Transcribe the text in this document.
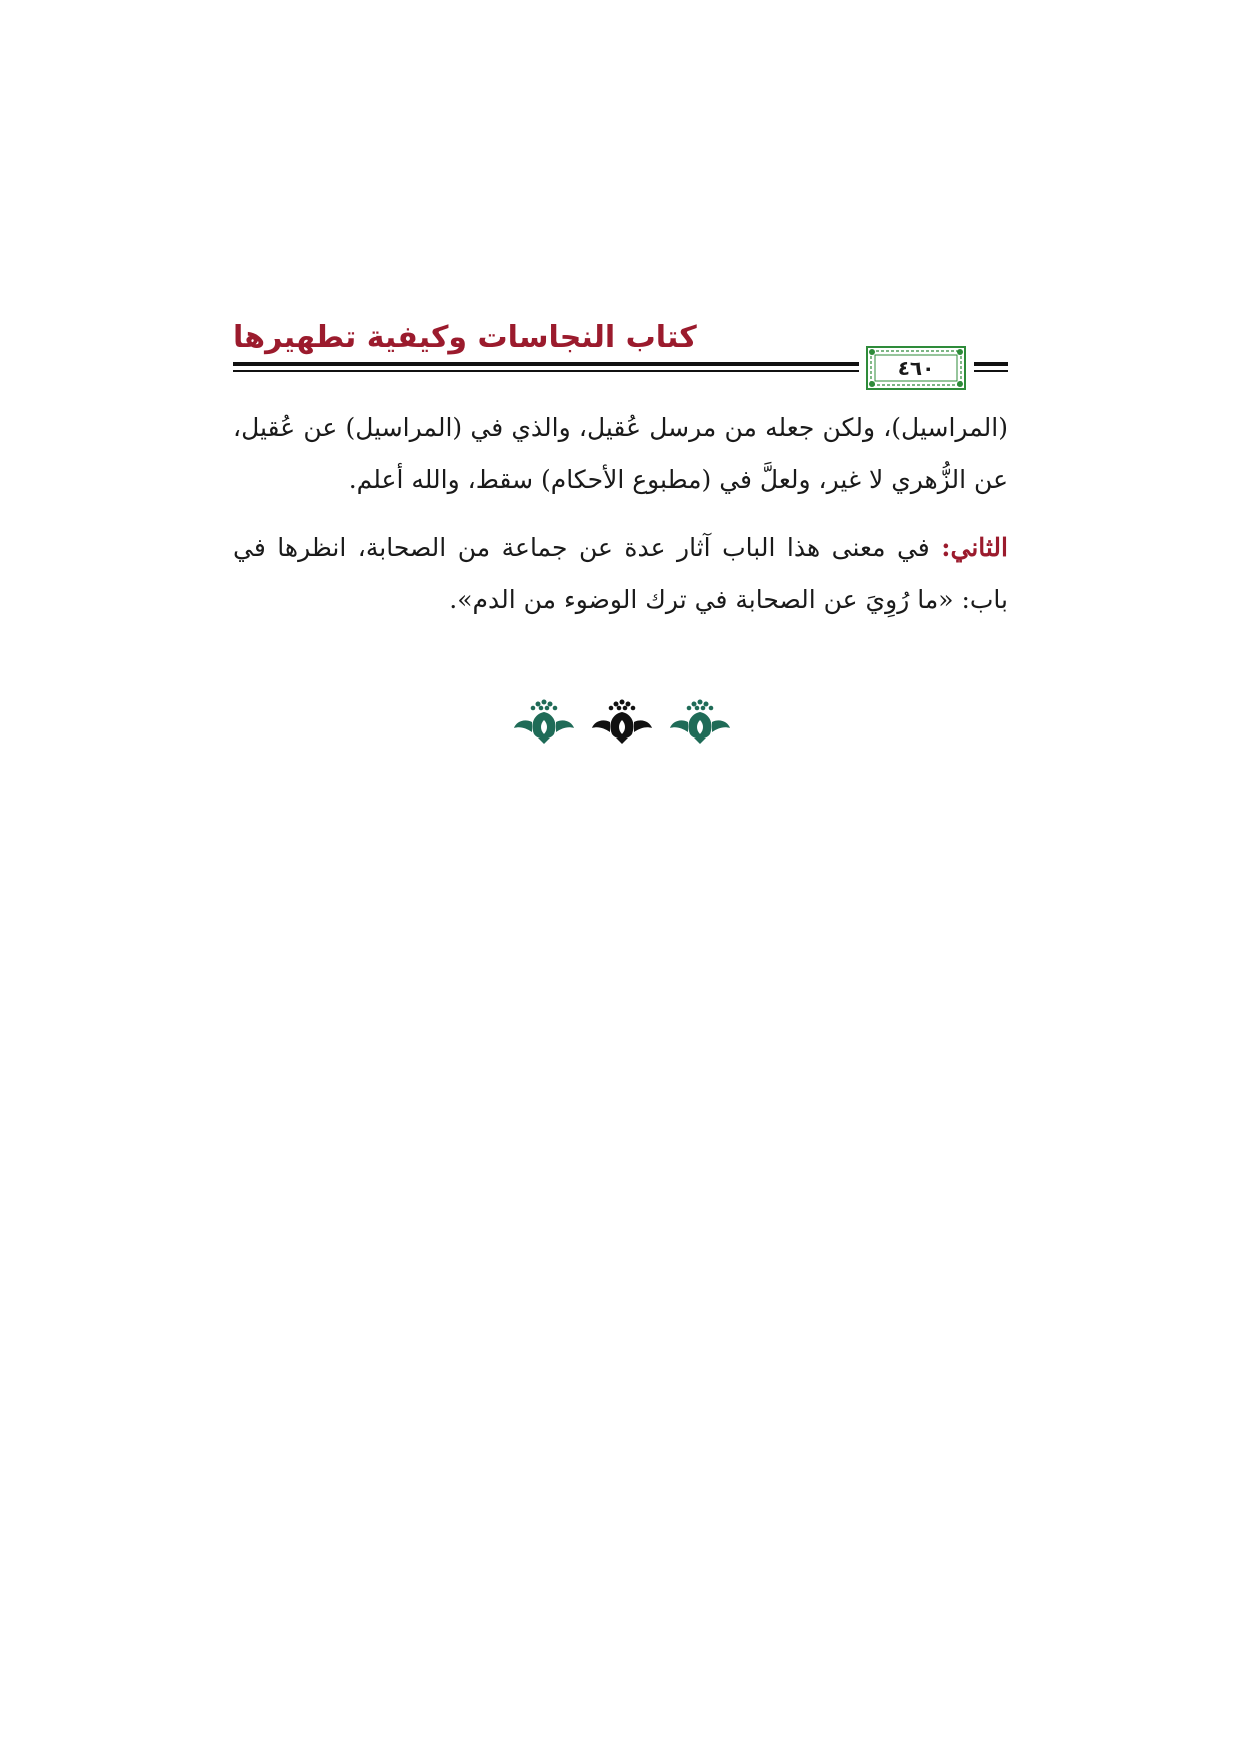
كتاب النجاسات وكيفية تطهيرها
٤٦٠

(المراسيل)، ولكن جعله من مرسل عُقيل، والذي في (المراسيل) عن عُقيل، عن الزُّهري لا غير، ولعلَّ في (مطبوع الأحكام) سقط، والله أعلم.

الثاني: في معنى هذا الباب آثار عدة عن جماعة من الصحابة، انظرها في باب: «ما رُوِيَ عن الصحابة في ترك الوضوء من الدم».
